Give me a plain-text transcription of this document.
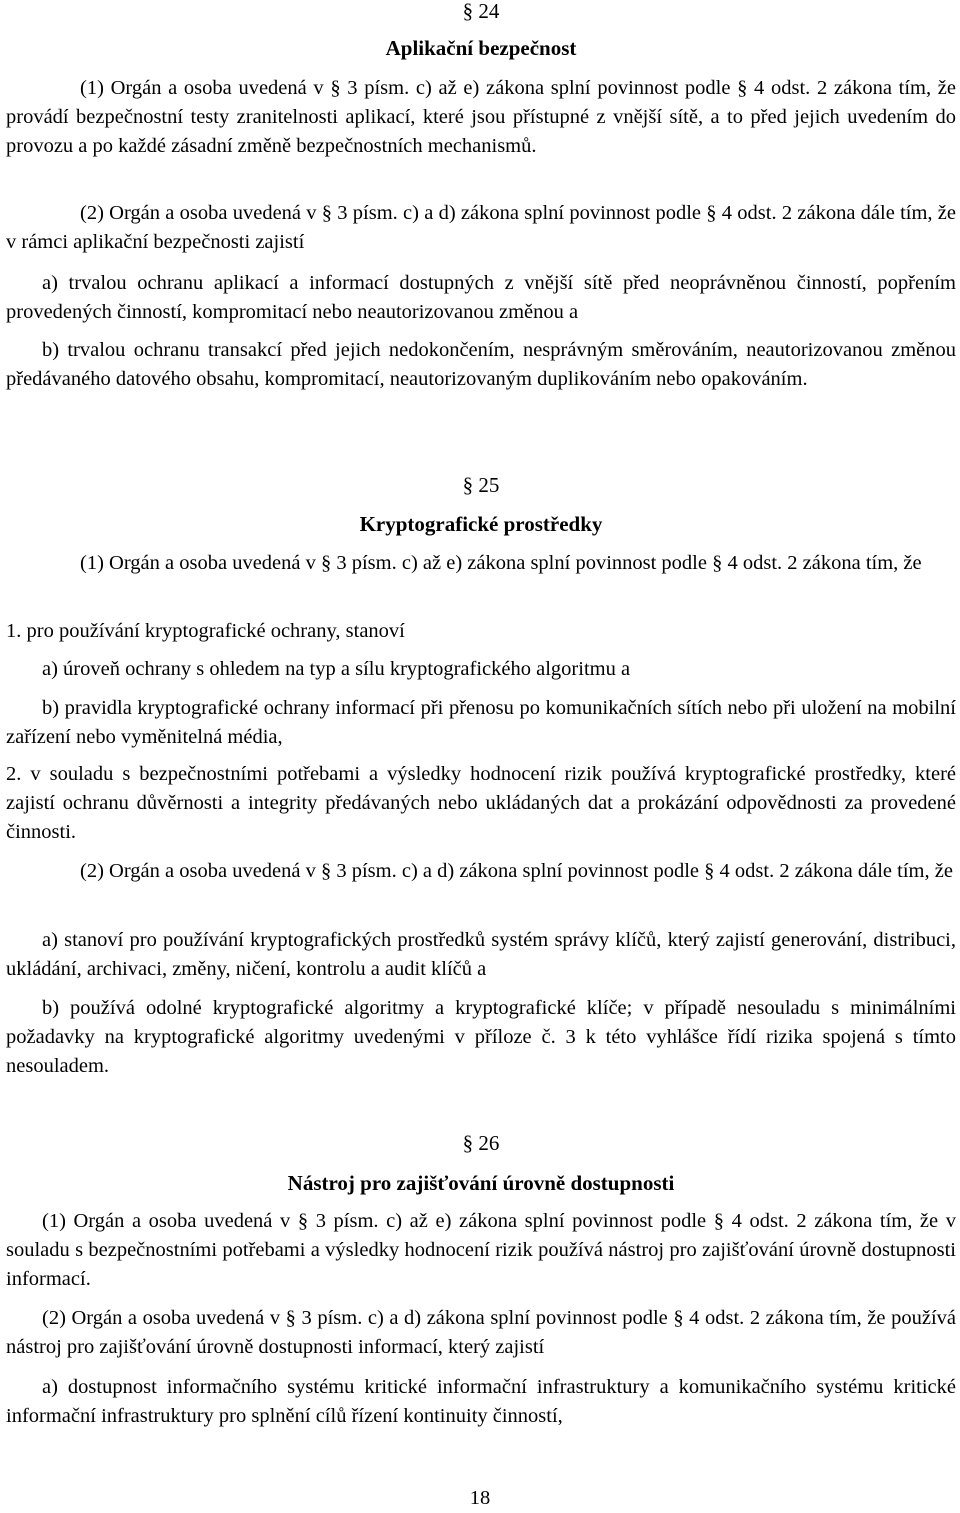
§ 24
Aplikační bezpečnost
(1) Orgán a osoba uvedená v § 3 písm. c) až e) zákona splní povinnost podle § 4 odst. 2 zákona tím, že provádí bezpečnostní testy zranitelnosti aplikací, které jsou přístupné z vnější sítě, a to před jejich uvedením do provozu a po každé zásadní změně bezpečnostních mechanismů.
(2) Orgán a osoba uvedená v § 3 písm. c) a d) zákona splní povinnost podle § 4 odst. 2 zákona dále tím, že v rámci aplikační bezpečnosti zajistí
a) trvalou ochranu aplikací a informací dostupných z vnější sítě před neoprávněnou činností, popřením provedených činností, kompromitací nebo neautorizovanou změnou a
b) trvalou ochranu transakcí před jejich nedokončením, nesprávným směrováním, neautorizovanou změnou předávaného datového obsahu, kompromitací, neautorizovaným duplikováním nebo opakováním.
§ 25
Kryptografické prostředky
(1) Orgán a osoba uvedená v § 3 písm. c) až e) zákona splní povinnost podle § 4 odst. 2 zákona tím, že
1. pro používání kryptografické ochrany, stanoví
a) úroveň ochrany s ohledem na typ a sílu kryptografického algoritmu a
b) pravidla kryptografické ochrany informací při přenosu po komunikačních sítích nebo při uložení na mobilní zařízení nebo vyměnitelná média,
2. v souladu s bezpečnostními potřebami a výsledky hodnocení rizik používá kryptografické prostředky, které zajistí ochranu důvěrnosti a integrity předávaných nebo ukládaných dat a prokázání odpovědnosti za provedené činnosti.
(2) Orgán a osoba uvedená v § 3 písm. c) a d) zákona splní povinnost podle § 4 odst. 2 zákona dále tím, že
a) stanoví pro používání kryptografických prostředků systém správy klíčů, který zajistí generování, distribuci, ukládání, archivaci, změny, ničení, kontrolu a audit klíčů a
b) používá odolné kryptografické algoritmy a kryptografické klíče; v případě nesouladu s minimálními požadavky na kryptografické algoritmy uvedenými v příloze č. 3 k této vyhlášce řídí rizika spojená s tímto nesouladem.
§ 26
Nástroj pro zajišťování úrovně dostupnosti
(1) Orgán a osoba uvedená v § 3 písm. c) až e) zákona splní povinnost podle § 4 odst. 2 zákona tím, že v souladu s bezpečnostními potřebami a výsledky hodnocení rizik používá nástroj pro zajišťování úrovně dostupnosti informací.
(2) Orgán a osoba uvedená v § 3 písm. c) a d) zákona splní povinnost podle § 4 odst. 2 zákona tím, že používá nástroj pro zajišťování úrovně dostupnosti informací, který zajistí
a) dostupnost informačního systému kritické informační infrastruktury a komunikačního systému kritické informační infrastruktury pro splnění cílů řízení kontinuity činností,
18
